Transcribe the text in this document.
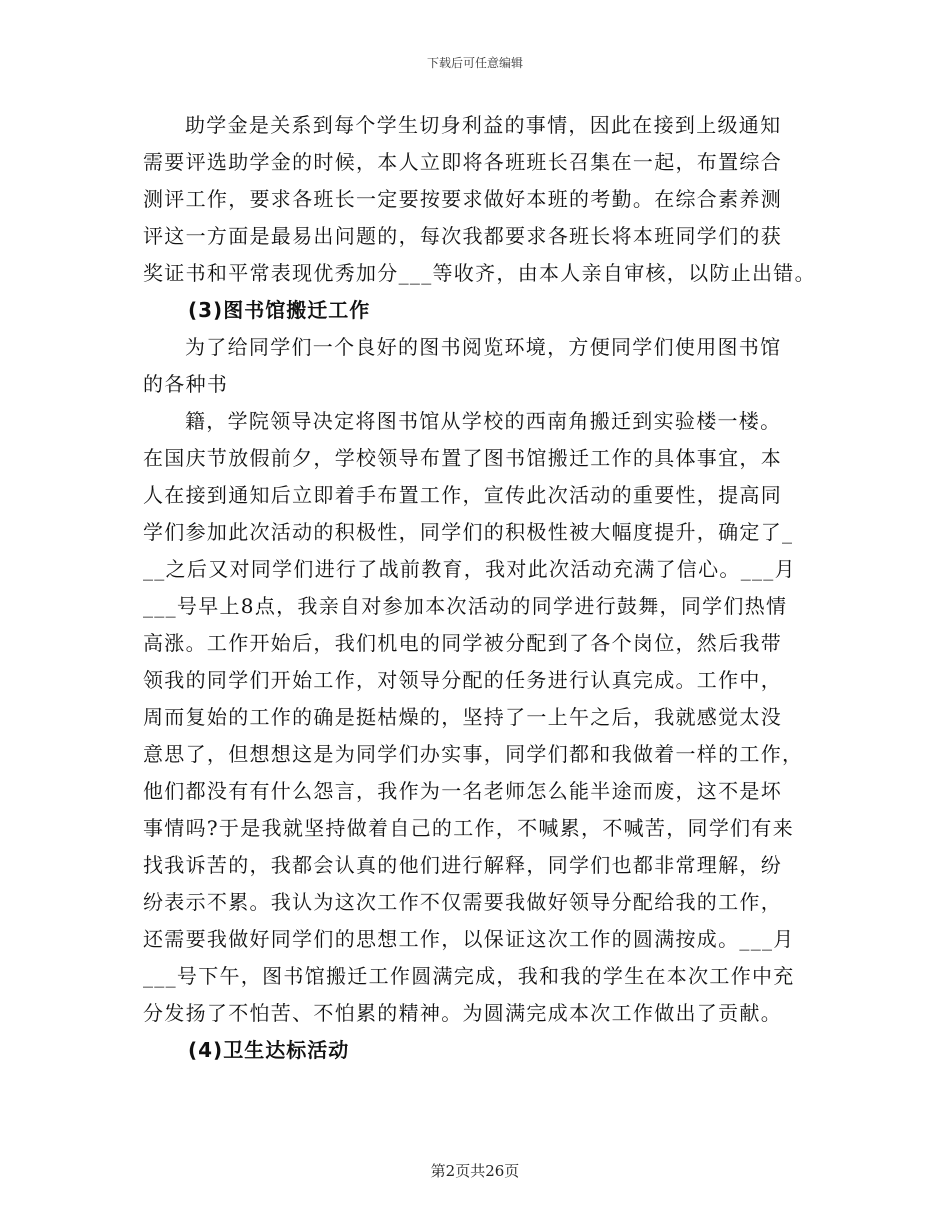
下载后可任意编辑
助学金是关系到每个学生切身利益的事情，因此在接到上级通知
需要评选助学金的时候，本人立即将各班班长召集在一起，布置综合
测评工作，要求各班长一定要按要求做好本班的考勤。在综合素养测
评这一方面是最易出问题的，每次我都要求各班长将本班同学们的获
奖证书和平常表现优秀加分___等收齐，由本人亲自审核，以防止出错。
(3)图书馆搬迁工作
为了给同学们一个良好的图书阅览环境，方便同学们使用图书馆
的各种书
籍，学院领导决定将图书馆从学校的西南角搬迁到实验楼一楼。
在国庆节放假前夕，学校领导布置了图书馆搬迁工作的具体事宜，本
人在接到通知后立即着手布置工作，宣传此次活动的重要性，提高同
学们参加此次活动的积极性，同学们的积极性被大幅度提升，确定了_
__之后又对同学们进行了战前教育，我对此次活动充满了信心。___月
___号早上8点，我亲自对参加本次活动的同学进行鼓舞，同学们热情
高涨。工作开始后，我们机电的同学被分配到了各个岗位，然后我带
领我的同学们开始工作，对领导分配的任务进行认真完成。工作中，
周而复始的工作的确是挺枯燥的，坚持了一上午之后，我就感觉太没
意思了，但想想这是为同学们办实事，同学们都和我做着一样的工作，
他们都没有有什么怨言，我作为一名老师怎么能半途而废，这不是坏
事情吗?于是我就坚持做着自己的工作，不喊累，不喊苦，同学们有来
找我诉苦的，我都会认真的他们进行解释，同学们也都非常理解，纷
纷表示不累。我认为这次工作不仅需要我做好领导分配给我的工作，
还需要我做好同学们的思想工作，以保证这次工作的圆满按成。___月
___号下午，图书馆搬迁工作圆满完成，我和我的学生在本次工作中充
分发扬了不怕苦、不怕累的精神。为圆满完成本次工作做出了贡献。
(4)卫生达标活动
第2页共26页
